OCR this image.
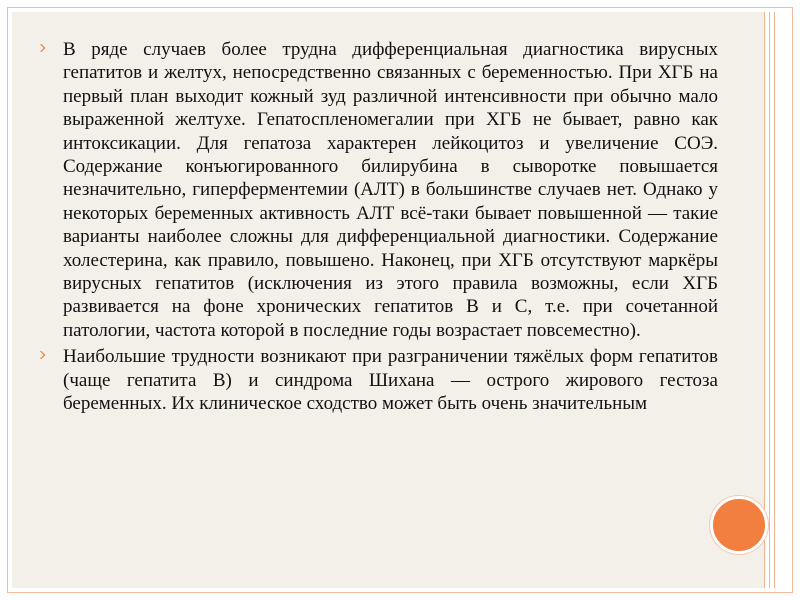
В ряде случаев более трудна дифференциальная диагностика вирусных гепатитов и желтух, непосредственно связанных с беременностью. При ХГБ на первый план выходит кожный зуд различной интенсивности при обычно мало выраженной желтухе. Гепатоспленомегалии при ХГБ не бывает, равно как интоксикации. Для гепатоза характерен лейкоцитоз и увеличение СОЭ. Содержание конъюгированного билирубина в сыворотке повышается незначительно, гиперферментемии (АЛТ) в большинстве случаев нет. Однако у некоторых беременных активность АЛТ всё-таки бывает повышенной — такие варианты наиболее сложны для дифференциальной диагностики. Содержание холестерина, как правило, повышено. Наконец, при ХГБ отсутствуют маркёры вирусных гепатитов (исключения из этого правила возможны, если ХГБ развивается на фоне хронических гепатитов B и C, т.е. при сочетанной патологии, частота которой в последние годы возрастает повсеместно).

Наибольшие трудности возникают при разграничении тяжёлых форм гепатитов (чаще гепатита B) и синдрома Шихана — острого жирового гестоза беременных. Их клиническое сходство может быть очень значительным
